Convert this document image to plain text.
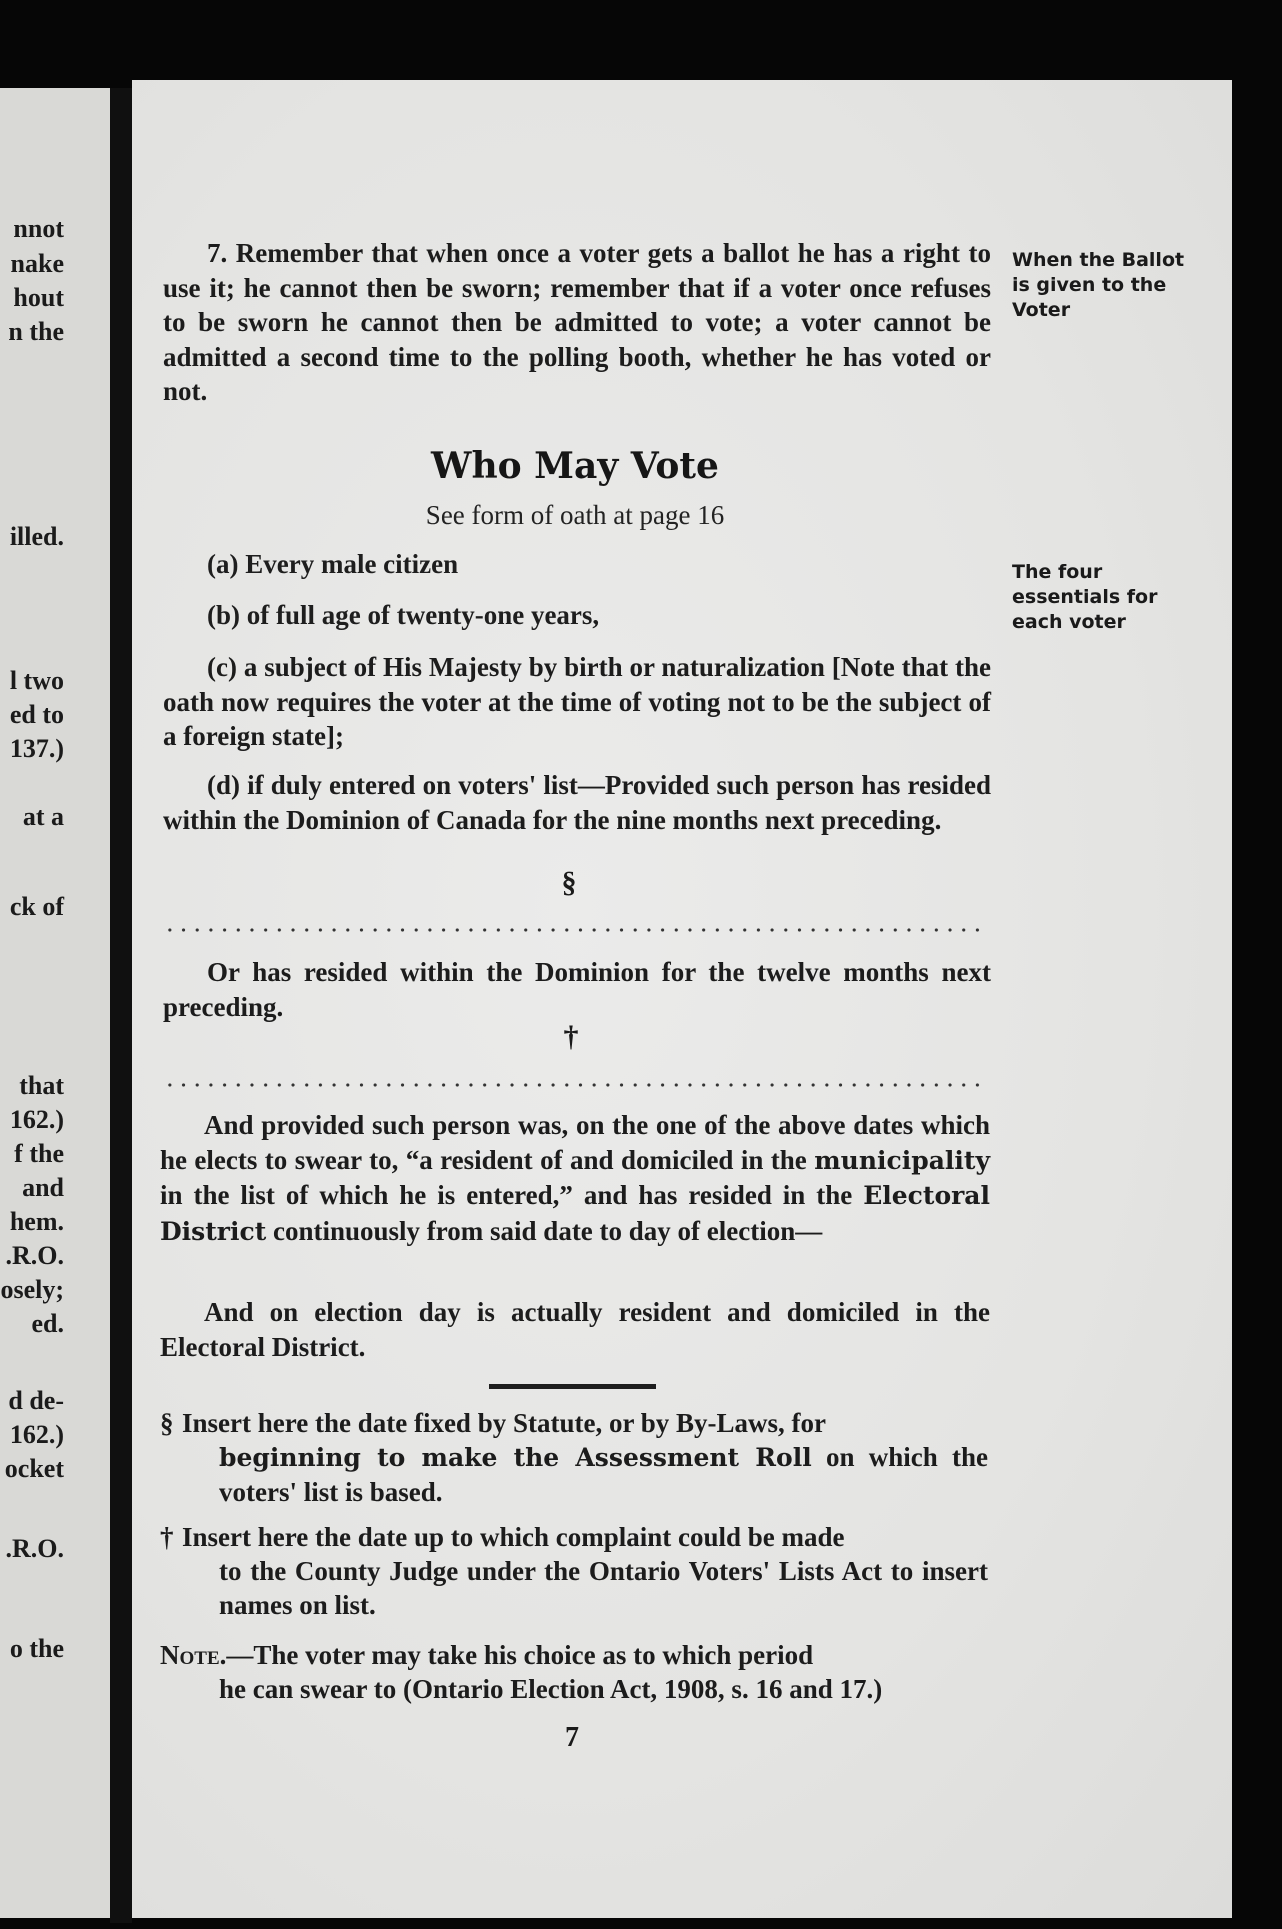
nnot
nake
hout
n the
illed.
l two
ed to
137.)
at a
ck of
that
162.)
f the
and
hem.
.R.O.
osely;
ed.
d de-
162.)
ocket
.R.O.
o the
7. Remember that when once a voter gets a ballot he has a right to use it; he cannot then be sworn; remember that if a voter once refuses to be sworn he cannot then be admitted to vote; a voter cannot be admitted a second time to the polling booth, whether he has voted or not.
When the Ballot is given to the Voter
Who May Vote
See form of oath at page 16
The four essentials for each voter
(a) Every male citizen
(b) of full age of twenty-one years,
(c) a subject of His Majesty by birth or naturalization [Note that the oath now requires the voter at the time of voting not to be the subject of a foreign state];
(d) if duly entered on voters' list—Provided such person has resided within the Dominion of Canada for the nine months next preceding.
§
Or has resided within the Dominion for the twelve months next preceding.
†
And provided such person was, on the one of the above dates which he elects to swear to, “a resident of and domiciled in the municipality in the list of which he is entered,” and has resided in the Electoral District continuously from said date to day of election—
And on election day is actually resident and domiciled in the Electoral District.
§ Insert here the date fixed by Statute, or by By-Laws, for
beginning to make the Assessment Roll on which the voters' list is based.
† Insert here the date up to which complaint could be made
to the County Judge under the Ontario Voters' Lists Act to insert names on list.
Note.—The voter may take his choice as to which period
he can swear to (Ontario Election Act, 1908, s. 16 and 17.)
7
